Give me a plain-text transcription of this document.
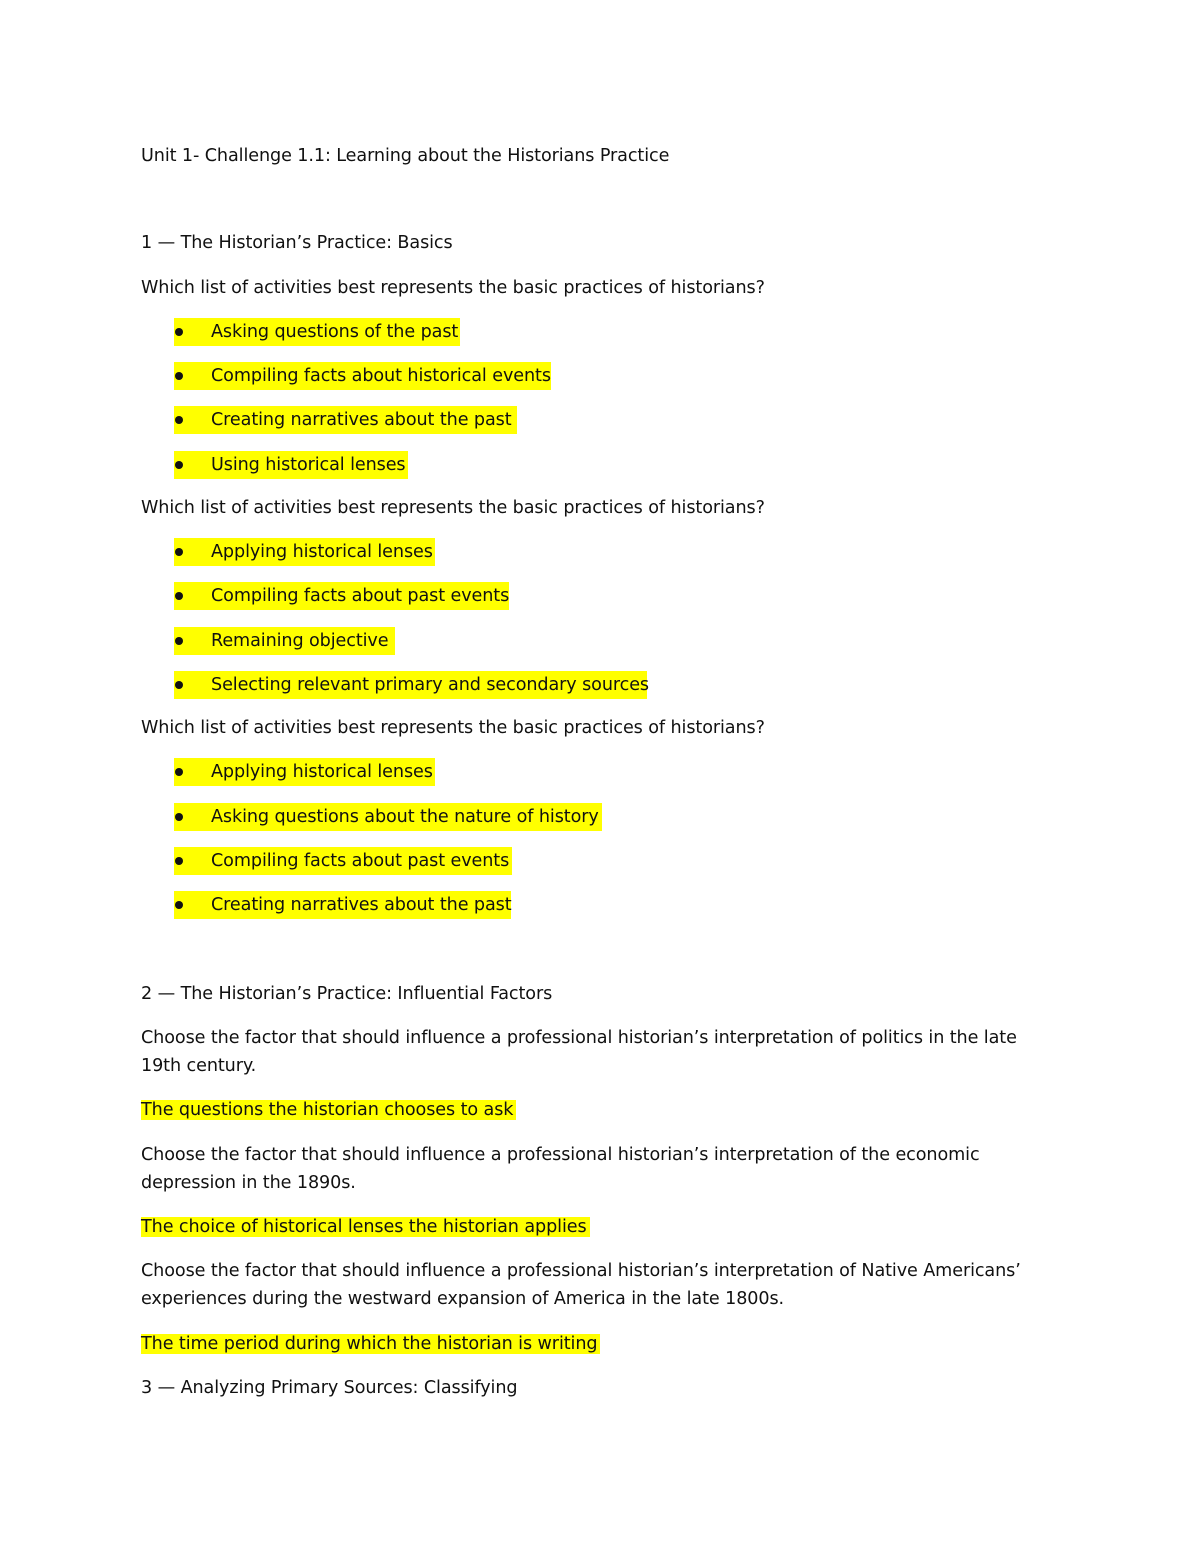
Unit 1- Challenge 1.1: Learning about the Historians Practice
1 — The Historian’s Practice: Basics
Which list of activities best represents the basic practices of historians?
Asking questions of the past
Compiling facts about historical events
Creating narratives about the past
Using historical lenses
Which list of activities best represents the basic practices of historians?
Applying historical lenses
Compiling facts about past events
Remaining objective
Selecting relevant primary and secondary sources
Which list of activities best represents the basic practices of historians?
Applying historical lenses
Asking questions about the nature of history
Compiling facts about past events
Creating narratives about the past
2 — The Historian’s Practice: Influential Factors
Choose the factor that should influence a professional historian’s interpretation of politics in the late 19th century.
The questions the historian chooses to ask
Choose the factor that should influence a professional historian’s interpretation of the economic depression in the 1890s.
The choice of historical lenses the historian applies
Choose the factor that should influence a professional historian’s interpretation of Native Americans’ experiences during the westward expansion of America in the late 1800s.
The time period during which the historian is writing
3 — Analyzing Primary Sources: Classifying
